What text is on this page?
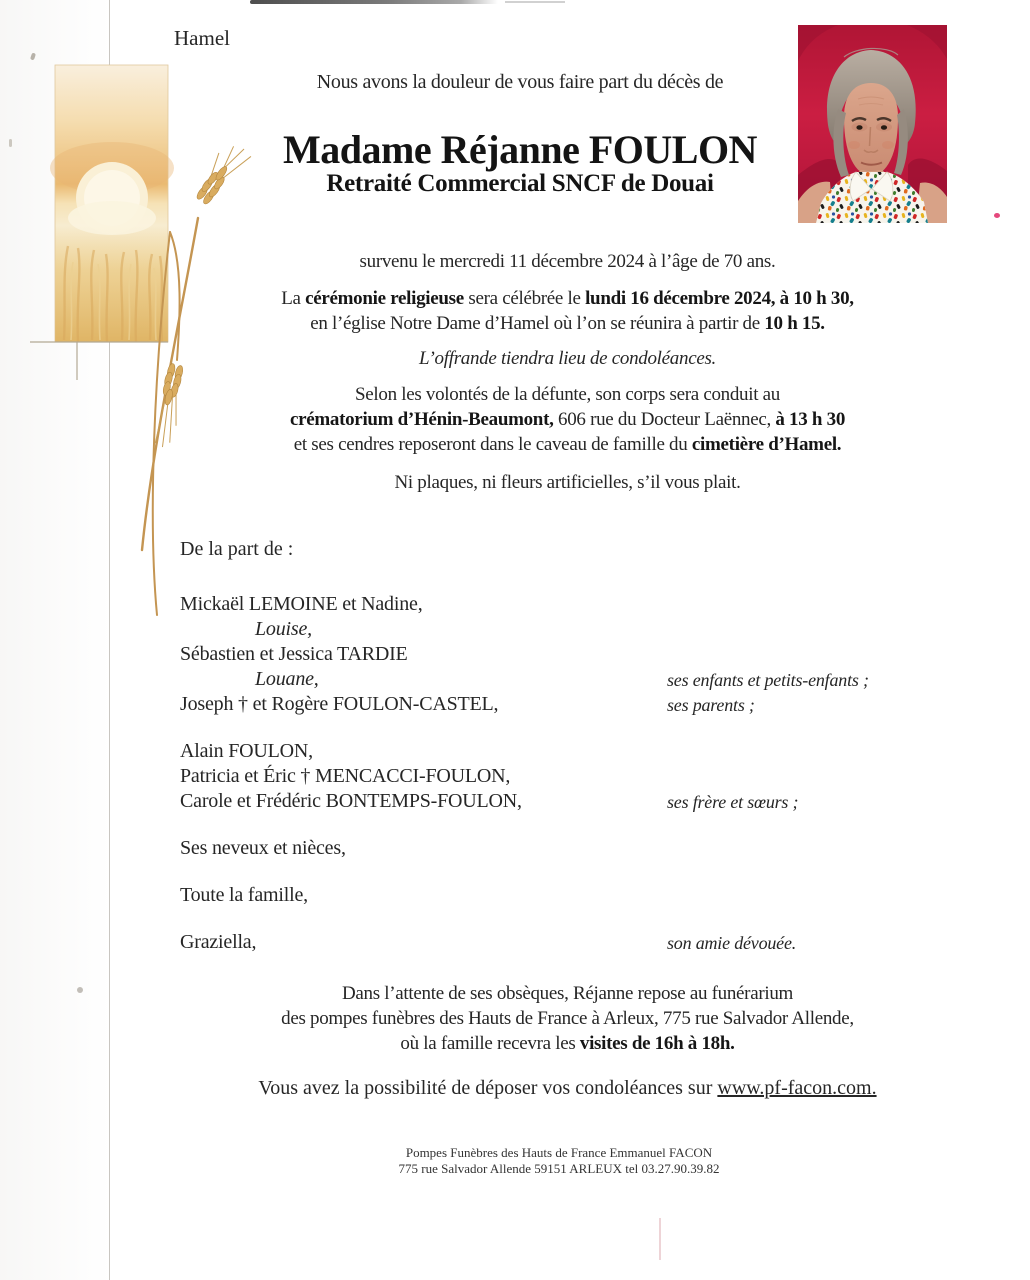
Hamel
Nous avons la douleur de vous faire part du décès de
Madame Réjanne FOULON
Retraité Commercial SNCF de Douai
survenu le mercredi 11 décembre 2024 à l’âge de 70 ans.
La cérémonie religieuse sera célébrée le lundi 16 décembre 2024, à 10 h 30,
en l’église Notre Dame d’Hamel où l’on se réunira à partir de 10 h 15.
L’offrande tiendra lieu de condoléances.
Selon les volontés de la défunte, son corps sera conduit au
crématorium d’Hénin-Beaumont, 606 rue du Docteur Laënnec, à 13 h 30
et ses cendres reposeront dans le caveau de famille du cimetière d’Hamel.
Ni plaques, ni fleurs artificielles, s’il vous plait.
De la part de :
Mickaël LEMOINE et Nadine,
Louise,
Sébastien et Jessica TARDIE
Louane,	ses enfants et petits-enfants ;
Joseph † et Rogère FOULON-CASTEL,	ses parents ;
Alain FOULON,
Patricia et Éric † MENCACCI-FOULON,
Carole et Frédéric BONTEMPS-FOULON,	ses frère et sœurs ;
Ses neveux et nièces,
Toute la famille,
Graziella,	son amie dévouée.
Dans l’attente de ses obsèques, Réjanne repose au funérarium
des pompes funèbres des Hauts de France à Arleux, 775 rue Salvador Allende,
où la famille recevra les visites de 16h à 18h.
Vous avez la possibilité de déposer vos condoléances sur www.pf-facon.com.
Pompes Funèbres des Hauts de France Emmanuel FACON
775 rue Salvador Allende 59151 ARLEUX tel 03.27.90.39.82
